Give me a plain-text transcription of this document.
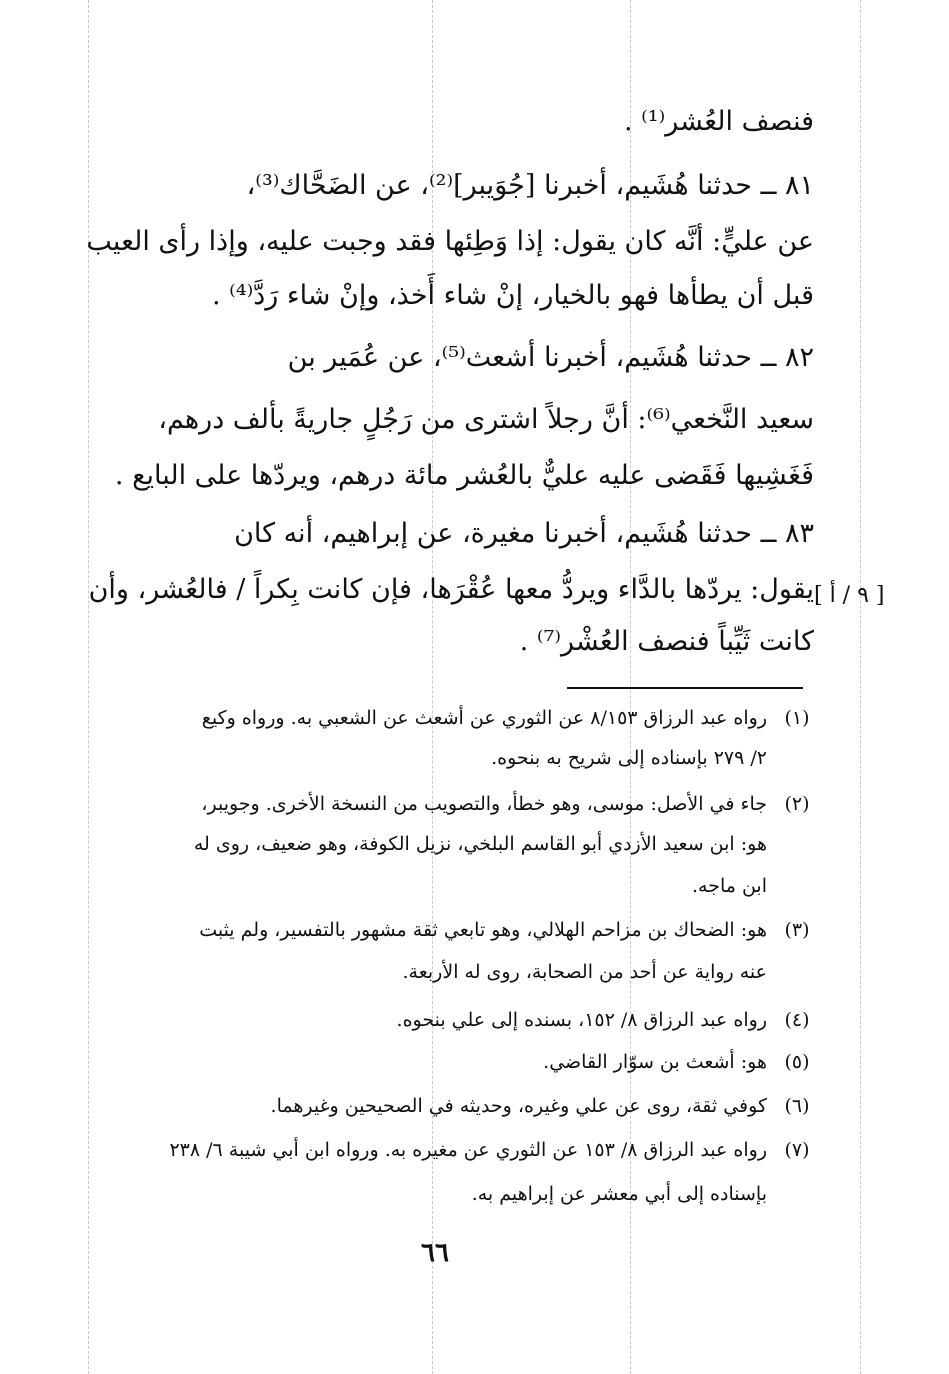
فنصف العُشر⁽¹⁾ .
٨١ ــ حدثنا هُشَيم، أخبرنا [جُوَيبر]⁽²⁾، عن الضَحَّاك⁽³⁾،
عن عليٍّ: أنَّه كان يقول: إذا وَطِئها فقد وجبت عليه، وإذا رأى العيب
قبل أن يطأها فهو بالخيار، إنْ شاء أَخذ، وإنْ شاء رَدَّ⁽⁴⁾ .
٨٢ ــ حدثنا هُشَيم، أخبرنا أشعث⁽⁵⁾، عن عُمَير بن
سعيد النَّخعي⁽⁶⁾: أنَّ رجلاً اشترى من رَجُلٍ جاريةً بألف درهم،
فَغَشِيها فَقَضى عليه عليٌّ بالعُشر مائة درهم، ويردّها على البايع .
٨٣ ــ حدثنا هُشَيم، أخبرنا مغيرة، عن إبراهيم، أنه كان
يقول: يردّها بالدَّاء ويردُّ معها عُقْرَها، فإن كانت بِكراً / فالعُشر، وأن
كانت ثَيِّباً فنصف العُشْر⁽⁷⁾ .
[ ٩ / أ ]
(١)
رواه عبد الرزاق ٨/١٥٣ عن الثوري عن أشعث عن الشعبي به. ورواه وكيع
٢/ ٢٧٩ بإسناده إلى شريح به بنحوه.
(٢)
جاء في الأصل: موسى، وهو خطأ، والتصويب من النسخة الأخرى. وجويبر،
هو: ابن سعيد الأزدي أبو القاسم البلخي، نزيل الكوفة، وهو ضعيف، روى له
ابن ماجه.
(٣)
هو: الضحاك بن مزاحم الهلالي، وهو تابعي ثقة مشهور بالتفسير، ولم يثبت
عنه رواية عن أحد من الصحابة، روى له الأربعة.
(٤)
رواه عبد الرزاق ٨/ ١٥٢، بسنده إلى علي بنحوه.
(٥)
هو: أشعث بن سوّار القاضي.
(٦)
كوفي ثقة، روى عن علي وغيره، وحديثه في الصحيحين وغيرهما.
(٧)
رواه عبد الرزاق ٨/ ١٥٣ عن الثوري عن مغيره به. ورواه ابن أبي شيبة ٦/ ٢٣٨
بإسناده إلى أبي معشر عن إبراهيم به.
٦٦
